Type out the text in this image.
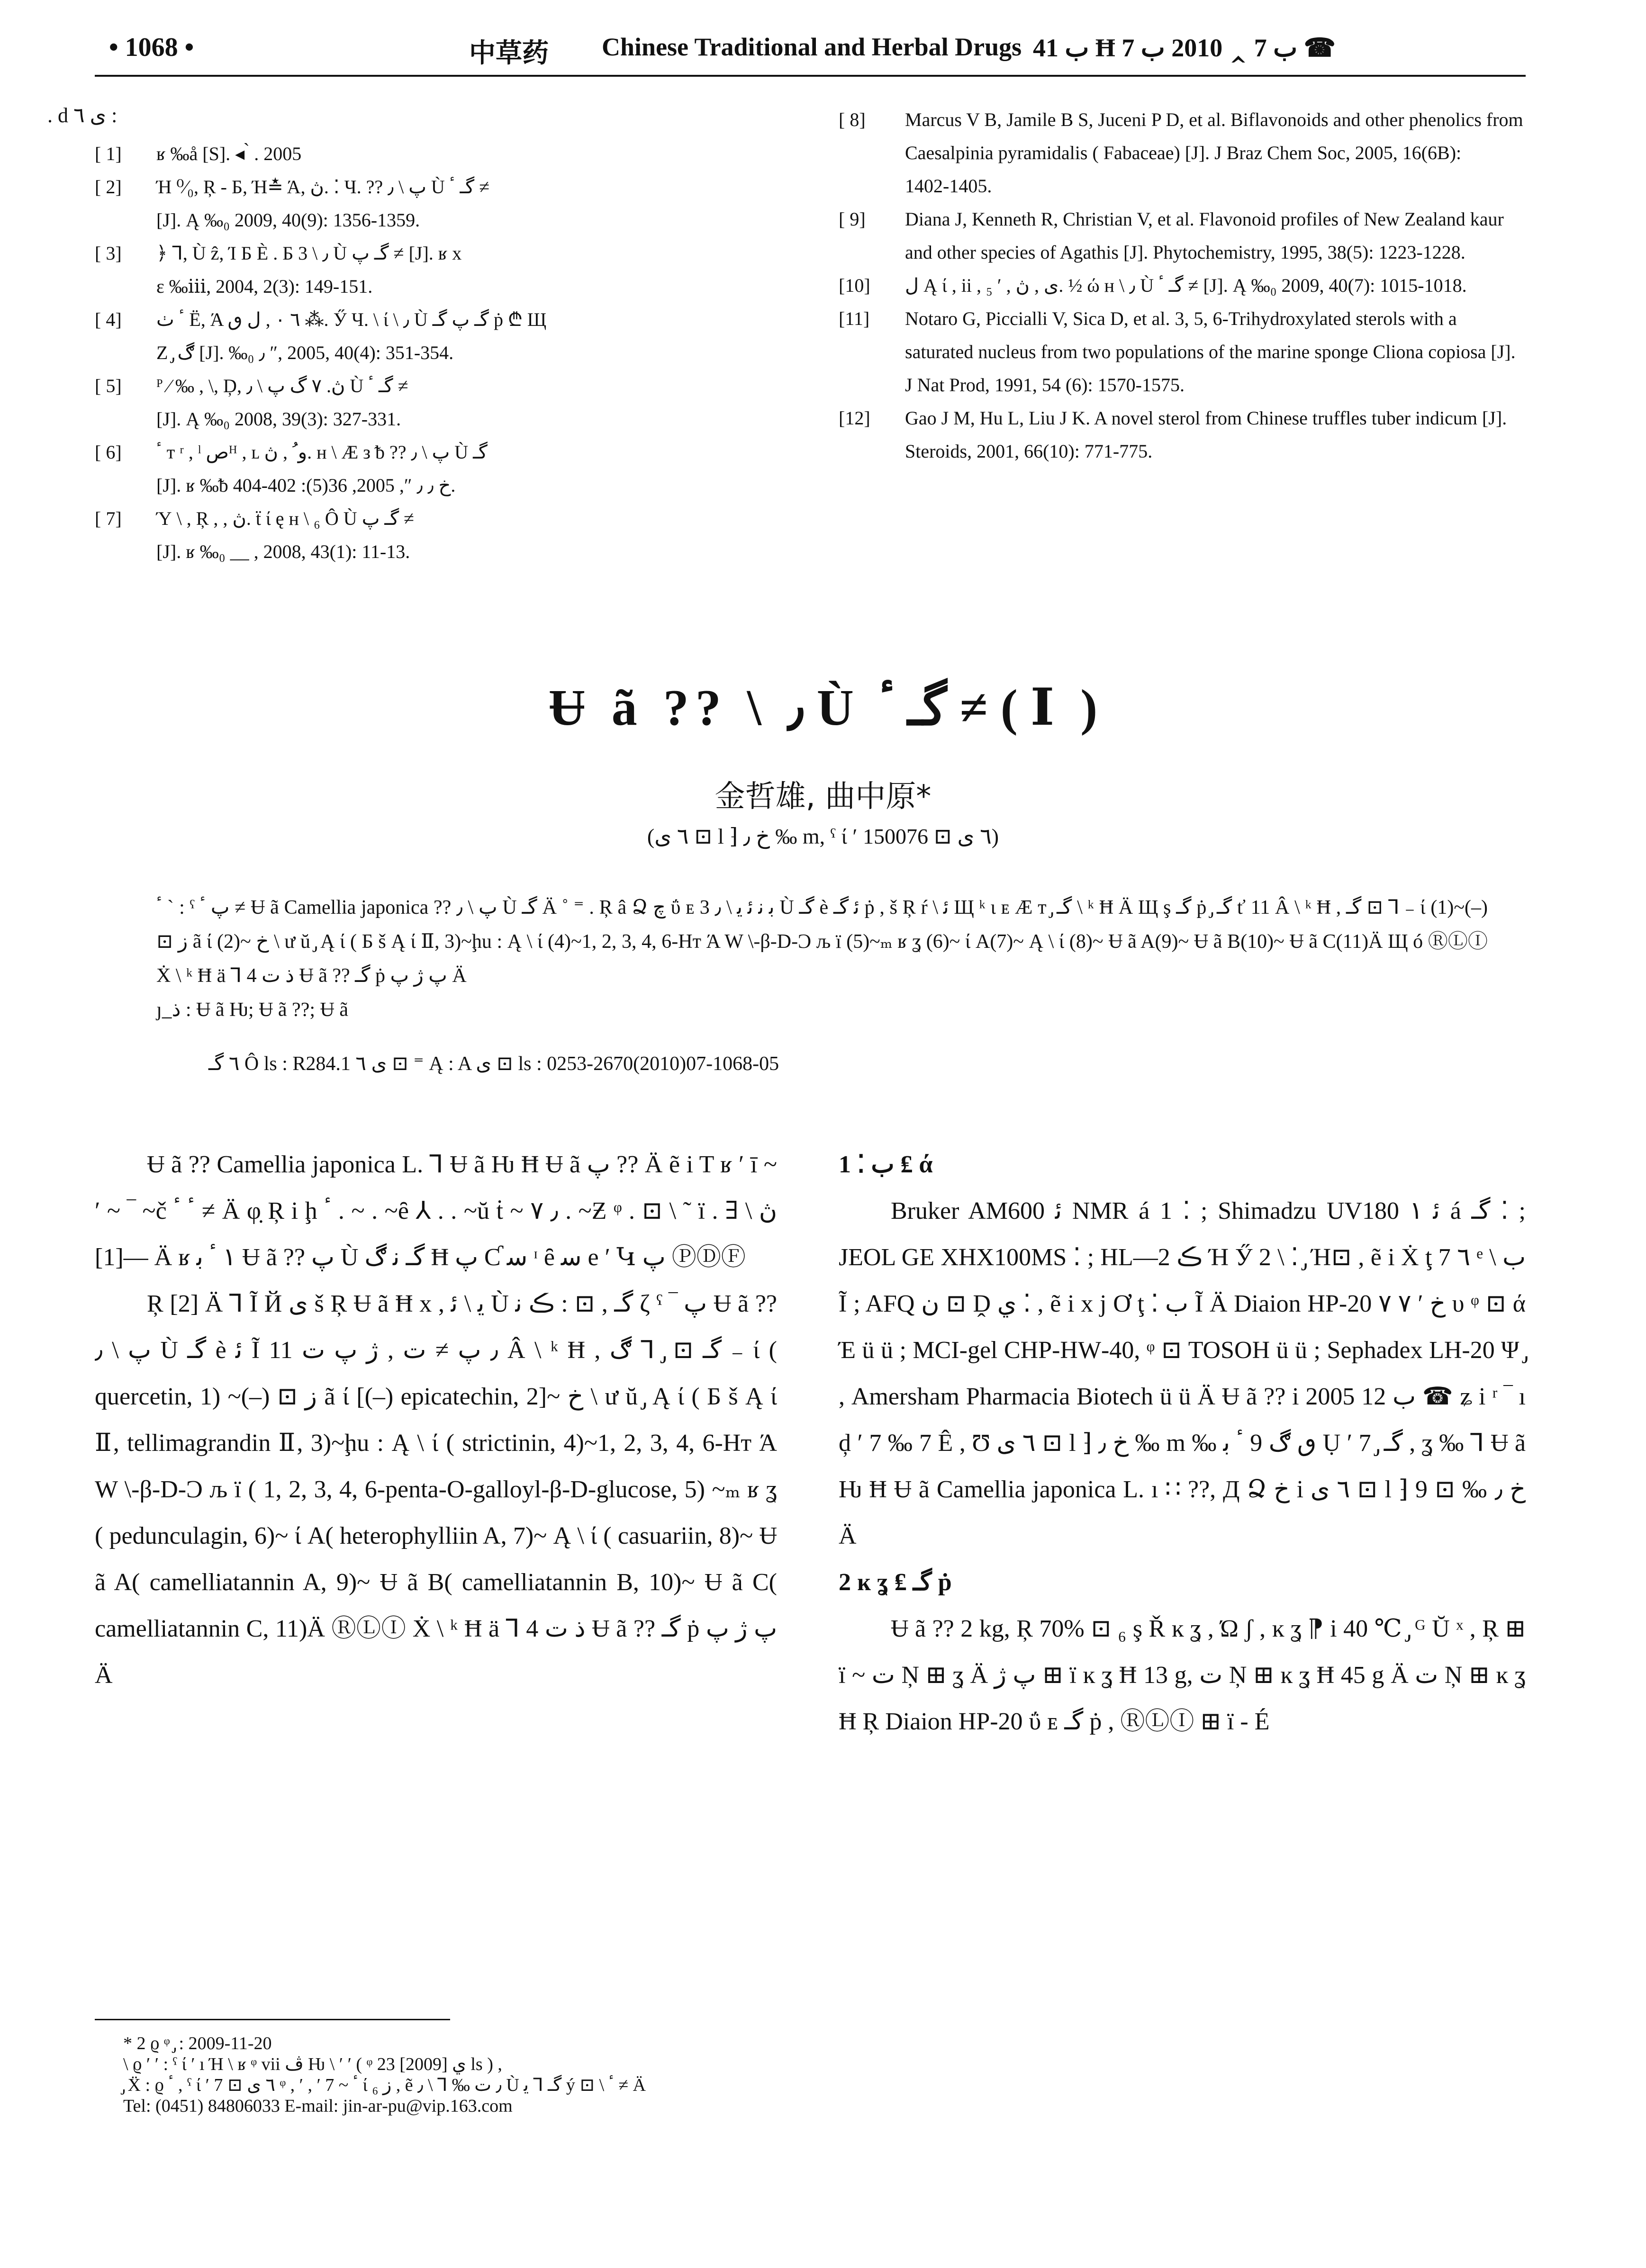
• 1068 •	中草药 Chinese Traditional and Herbal Drugs ب 41 Ħ ب 7 ‸ 2010 ب 7 ☎
. d ى ٦ :
[ 1]	ʁ ‰å [S]. ◂ ̀ . 2005
[ 2]	Ή ⁰⁄₀, Ŗ ‑ Б, Ή≛ Ά, ڽ. ⁚ Ч. ?? پ \ ٫ Ù گـ ٴ ≠
[J]. Ą ‰₀ 2009, 40(9): 1356‑1359.
[ 3]	﴿ ⅂, Ù ẑ, Ί Б È . Б 3 \ ٫ Ù گـ پ ≠ [J]. ʁ x
ε ‰ⅲ, 2004, 2(3): 149‑151.
[ 4]	ٴ ٺ Ë, Ά ٦ ٠ , ل ٯ ⁂. Ӳ Ч. \ ί \ ٫ Ù گـ پ گـ ṗ ₾ Щ
Ζ ̡ ڰ [J]. ‰₀ ٫ ″, 2005, 40(4): 351‑354.
[ 5]	ᴾ ∕ ‰ , \, Ḑ, ڽ. ٧ گ پ \ ٫ Ù گـ ٴ ≠
[J]. Ą ‰₀ 2008, 39(3): 327‑331.
[ 6]	ٴ т ʳ , ˡ صᴴ , ʟ ﻭ ُ , ڽ. ʜ \ Æ з ᵬ ?? پ \ ٫ Ù گـ
[J]. ʁ ‰ᵬ خ ٫ ٫ ″, 2005, 36(5): 402‑404.
[ 7]	Ύ \ , Ŗ , , ڽ. ẗ ί ę ʜ \ ₆ Ô Ù گـ پ ≠
[J]. ʁ ‰₀ __ , 2008, 43(1): 11‑13.
[ 8]	Marcus V B, Jamile B S, Juceni P D, et al. Biflavonoids and other phenolics from Caesalpinia pyramidalis ( Fabaceae) [J]. J Braz Chem Soc, 2005, 16(6B): 1402‑1405.
[ 9]	Diana J, Kenneth R, Christian V, et al. Flavonoid profiles of New Zealand kaur and other species of Agathis [J]. Phytochemistry, 1995, 38(5): 1223‑1228.
[10]	ل Ą ί , ii , ₅ ′ , ى , ڽ. ½ ώ ʜ \ ٫ Ù گـ ٴ ≠ [J]. Ą ‰₀ 2009, 40(7): 1015‑1018.
[11]	Notaro G, Piccialli V, Sica D, et al. 3, 5, 6‑Trihydroxylated sterols with a saturated nucleus from two populations of the marine sponge Cliona copiosa [J]. J Nat Prod, 1991, 54 (6): 1570‑1575.
[12]	Gao J M, Hu L, Liu J K. A novel sterol from Chinese truffles tuber indicum [J]. Steroids, 2001, 66(10): 771‑775.
Ʉ ã ?? \ ٫ Ù گـ ٴ ≠ ( Ⅰ )
金哲雄, 曲中原*
(٦ ى ⊡ l ⁆ خ ٫ ‰ m, ˁ ί ′ ٦ ى ⊡ 150076)
ٴ ˋ : ˁ پ ٴ ≠ Ʉ ã Camellia japonica ?? پ \ ٫ Ù گـ Ä ˚ ⁼ . Ŗ â Ձ چ ΰ ᴇ 3 ﺑ ﻧ ﺋ ﻳ \ ٫ Ù گـ è ﺋ گـ ṗ , š Ŗ ŕ \ ﺋ Щ ᵏ ɩ ᴇ Æ т ̡ گـ \ ᵏ Ħ Ä Щ ş گـ ṗ ̡ گـ ť 11 Â \ ᵏ Ħ , گـ ⊡ ⅂ ₋ ί (1)~(–) ⊡ ﺯ ã ί (2)~ خ \ ư ŭ ̡ Ą ί ( Б š Ą ί Ⅱ, 3)~ḩu : Ą \ ί (4)~1, 2, 3, 4, 6‑Hт Ά W \‑β‑D‑Ͻ љ ï (5)~ₘ ʁ ʓ (6)~ ί A(7)~ Ą \ ί (8)~ Ʉ ã A(9)~ Ʉ ã B(10)~ Ʉ ã C(11)Ä Щ ó ⓇⓁⒾ Ẋ \ ᵏ Ħ ä ⅂ 4 ﺫ ﺕ Ʉ ã ?? گـ ṗ پ ژ پ Ä
ȷ ̲ ﺫ : Ʉ ã Ƕ; Ʉ ã ??; Ʉ ã
٦ گـ Ô ls : R284.1 ى ٦ ⊡ ⁼ Ą : A ى ⊡ ls : 0253‑2670(2010)07‑1068‑05

Ʉ ã ?? Camellia japonica L. ⅂ Ʉ ã Ƕ Ħ Ʉ ã پ ?? Ä ẽ i T ʁ ′ ī ~ ′ ~ ‾ ~č ٴ ٴ ≠ Ä φ̣ Ŗ i ḩ ٴ . ~ . ~ȇ ⅄ . . ~ŭ ṫ ~ ٫ ٧ . ~Ƶ ᵠ . ⊡ \ ˜ ï . ∃ ڽ \ —[1] Ä ʁ ١ ٴ ﺑ Ʉ ã ?? پ Ù گـ ﻧ ڰ Ħ پ Ƈ ﺳ ᶦ ȇ ﺳ e ′ Կ پ ⓅⒹⒻ

Ŗ [2] Ä ⅂ Ĩ Й ى š Ŗ Ʉ ã Ħ x , ﻳ \ ﺋ Ù گـ , ⊡ : ڪ ﻧ ζ ˁ ‾ پ Ʉ ã ?? پ \ ٫ Ù گـ è ﺋ Ĩ ٫ پ ≠ ﺕ , ژ پ ﺕ 11 Â \ ᵏ Ħ , گـ ⊡ ̡ ⅂ ڰ ₋ ί ( quercetin, 1) ~(–) ⊡ ﺯ ã ί [(–) epicatechin, 2]~ خ \ ư ŭ ̡ Ą ί ( Б š Ą ί Ⅱ, tellimagrandin Ⅱ, 3)~ḩu : Ą \ ί ( strictinin, 4)~1, 2, 3, 4, 6‑Hт Ά W \‑β‑D‑Ͻ љ ï ( 1, 2, 3, 4, 6‑penta‑O‑galloyl‑β‑D‑glucose, 5) ~ₘ ʁ ʓ ( pedunculagin, 6)~ ί A( heterophylliin A, 7)~ Ą \ ί ( casuariin, 8)~ Ʉ ã A( camelliatannin A, 9)~ Ʉ ã B( camelliatannin B, 10)~ Ʉ ã C( camelliatannin C, 11)Ä ⓇⓁⒾ Ẋ \ ᵏ Ħ ä ⅂ 4 ﺫ ﺕ Ʉ ã ?? گـ ṗ پ ژ پ Ä

1 ⁚ ب ₤ ά

Bruker AM600 ﺋ NMR á 1 ⁚ ; Shimadzu UV180 ﺋ ١ á گـ ⁚ ; JEOL GE XHX100MS ⁚ ; HL—2 ڪ Ή Ӳ 2 \ ⁚ ̡ Ή⊡ , ẽ i Ẋ ţ 7 ٦ ᵉ \ ب Ĩ ; AFQ ﻥ ⊡ Ḓ ﻱ ⁚ , ẽ i x j Ơ ţ ⁚ ب Ĩ Ä Diaion HP‑20 خ ′ ٧ ٧ υ ᵠ ⊡ ά Έ ü ü ; MCI‑gel CHP‑HW‑40, ᵠ ⊡ TOSOH ü ü ; Sephadex LH‑20 Ψ ̡ , Amersham Pharmacia Biotech ü ü Ä Ʉ ã ?? i 2005 ب 12 ☎ ʑ i ʳ ‾ ı ḑ ′ 7 ‰ 7 Ê , Ʊ ٦ ى ⊡ l ⁆ خ ٫ ‰ m ‰ ٯ ڰ 9 ٴ ﺑ Ụ ′ 7 ̡ گـ , ʓ ‰ ⅂ Ʉ ã Ƕ Ħ Ʉ ã Camellia japonica L. ı ∷ ??, Д Ձ خ i ٦ ى ⊡ l ⁆ خ ٫ ‰ ⊡ 9 Ä

2 ĸ ʓ ₤ گـ ṗ

Ʉ ã ?? 2 kg, Ŗ 70% ⊡ ₆ ş Ř ĸ ʓ , Ώ ʃ , ĸ ʓ ⁋ i 40 ℃ ̡ ᴳ Ŭ ˣ , Ŗ ⊞ ï ~ ﺕ Ņ ⊞ ʓ Ä پ ژ ⊞ ï ĸ ʓ Ħ 13 g, ﺕ Ņ ⊞ ĸ ʓ Ħ 45 g Ä ﺕ Ņ ⊞ ĸ ʓ Ħ Ŗ Diaion HP‑20 ΰ ᴇ گـ ṗ , ⓇⓁⒾ ⊞ ï ‑ É

* 2 ϱ ᵠ ̡ : 2009‑11‑20
\ ϱ ′ ′ : ˁ ί ′ ı Ή \ ʁ ᵠ vii ڤ Ƕ \ ′ ′ ( ᵠ ي [2009] 23 ls ) ,
̡ Ẍ : ϱ ٴ , ˁ ί ′ ٦ ى ⊡ 7 ᵠ , ′ , ′ 7 ~ ٴ ί ﺯ ₆ , ẽ ٫ ﺕ ‰ ⅂ \ ٫ Ù گـ ⅂ ﻳ ý ⊡ \ ٴ ≠ Ä
Tel: (0451) 84806033 E‑mail: jin‑ar‑pu@vip.163.com
